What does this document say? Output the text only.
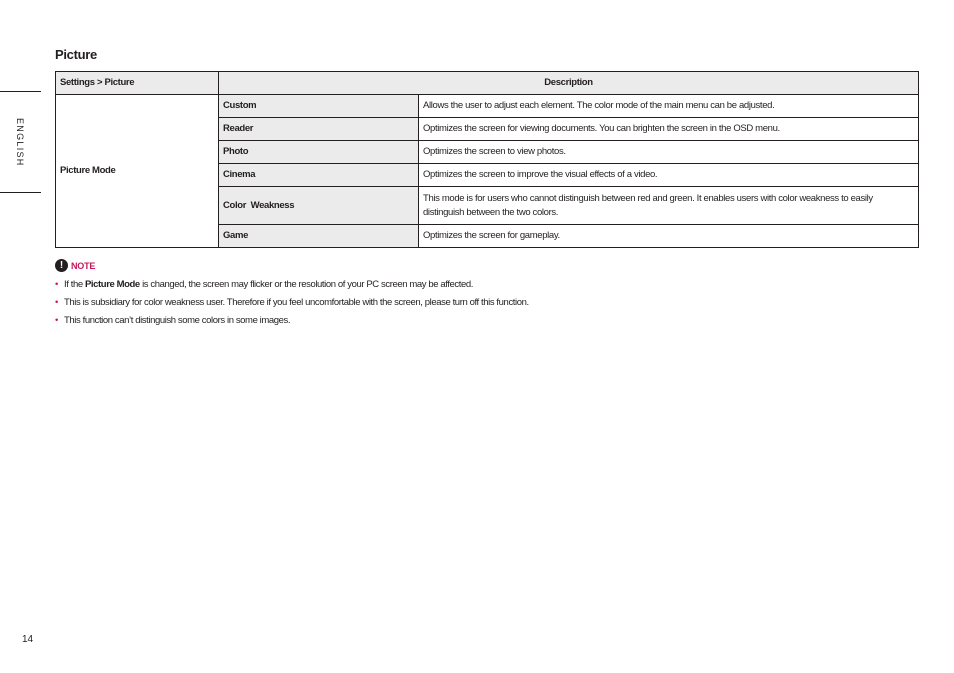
ENGLISH
Picture
Settings > Picture	Description	
Picture Mode	Custom	Allows the user to adjust each element. The color mode of the main menu can be adjusted.
	Reader	Optimizes the screen for viewing documents. You can brighten the screen in the OSD menu.
	Photo	Optimizes the screen to view photos.
	Cinema	Optimizes the screen to improve the visual effects of a video.
	Color  Weakness	This mode is for users who cannot distinguish between red and green. It enables users with color weakness to easily distinguish between the two colors.
	Game	Optimizes the screen for gameplay.
! NOTE
• If the Picture Mode is changed, the screen may flicker or the resolution of your PC screen may be affected.
• This is subsidiary for color weakness user. Therefore if you feel uncomfortable with the screen, please turn off this function.
• This function can’t distinguish some colors in some images.
14
